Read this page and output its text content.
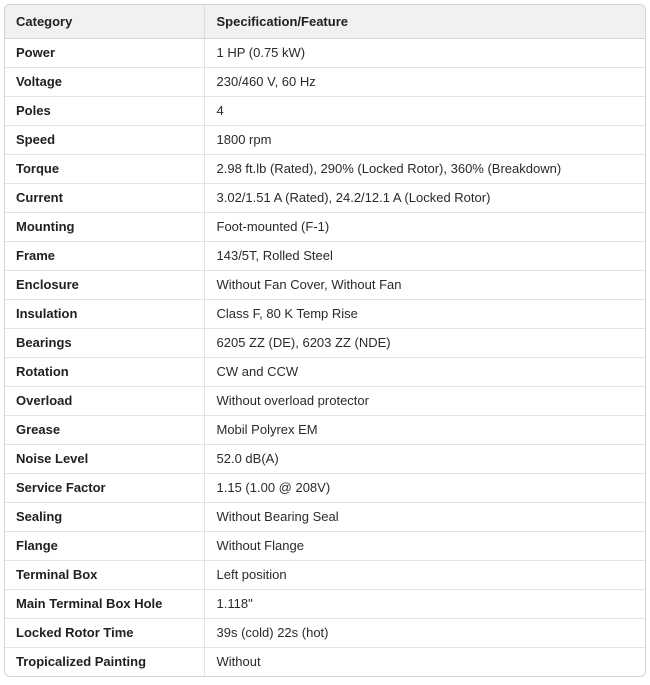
Category	Specification/Feature
Power	1 HP (0.75 kW)
Voltage	230/460 V, 60 Hz
Poles	4
Speed	1800 rpm
Torque	2.98 ft.lb (Rated), 290% (Locked Rotor), 360% (Breakdown)
Current	3.02/1.51 A (Rated), 24.2/12.1 A (Locked Rotor)
Mounting	Foot-mounted (F-1)
Frame	143/5T, Rolled Steel
Enclosure	Without Fan Cover, Without Fan
Insulation	Class F, 80 K Temp Rise
Bearings	6205 ZZ (DE), 6203 ZZ (NDE)
Rotation	CW and CCW
Overload	Without overload protector
Grease	Mobil Polyrex EM
Noise Level	52.0 dB(A)
Service Factor	1.15 (1.00 @ 208V)
Sealing	Without Bearing Seal
Flange	Without Flange
Terminal Box	Left position
Main Terminal Box Hole	1.118"
Locked Rotor Time	39s (cold) 22s (hot)
Tropicalized Painting	Without
